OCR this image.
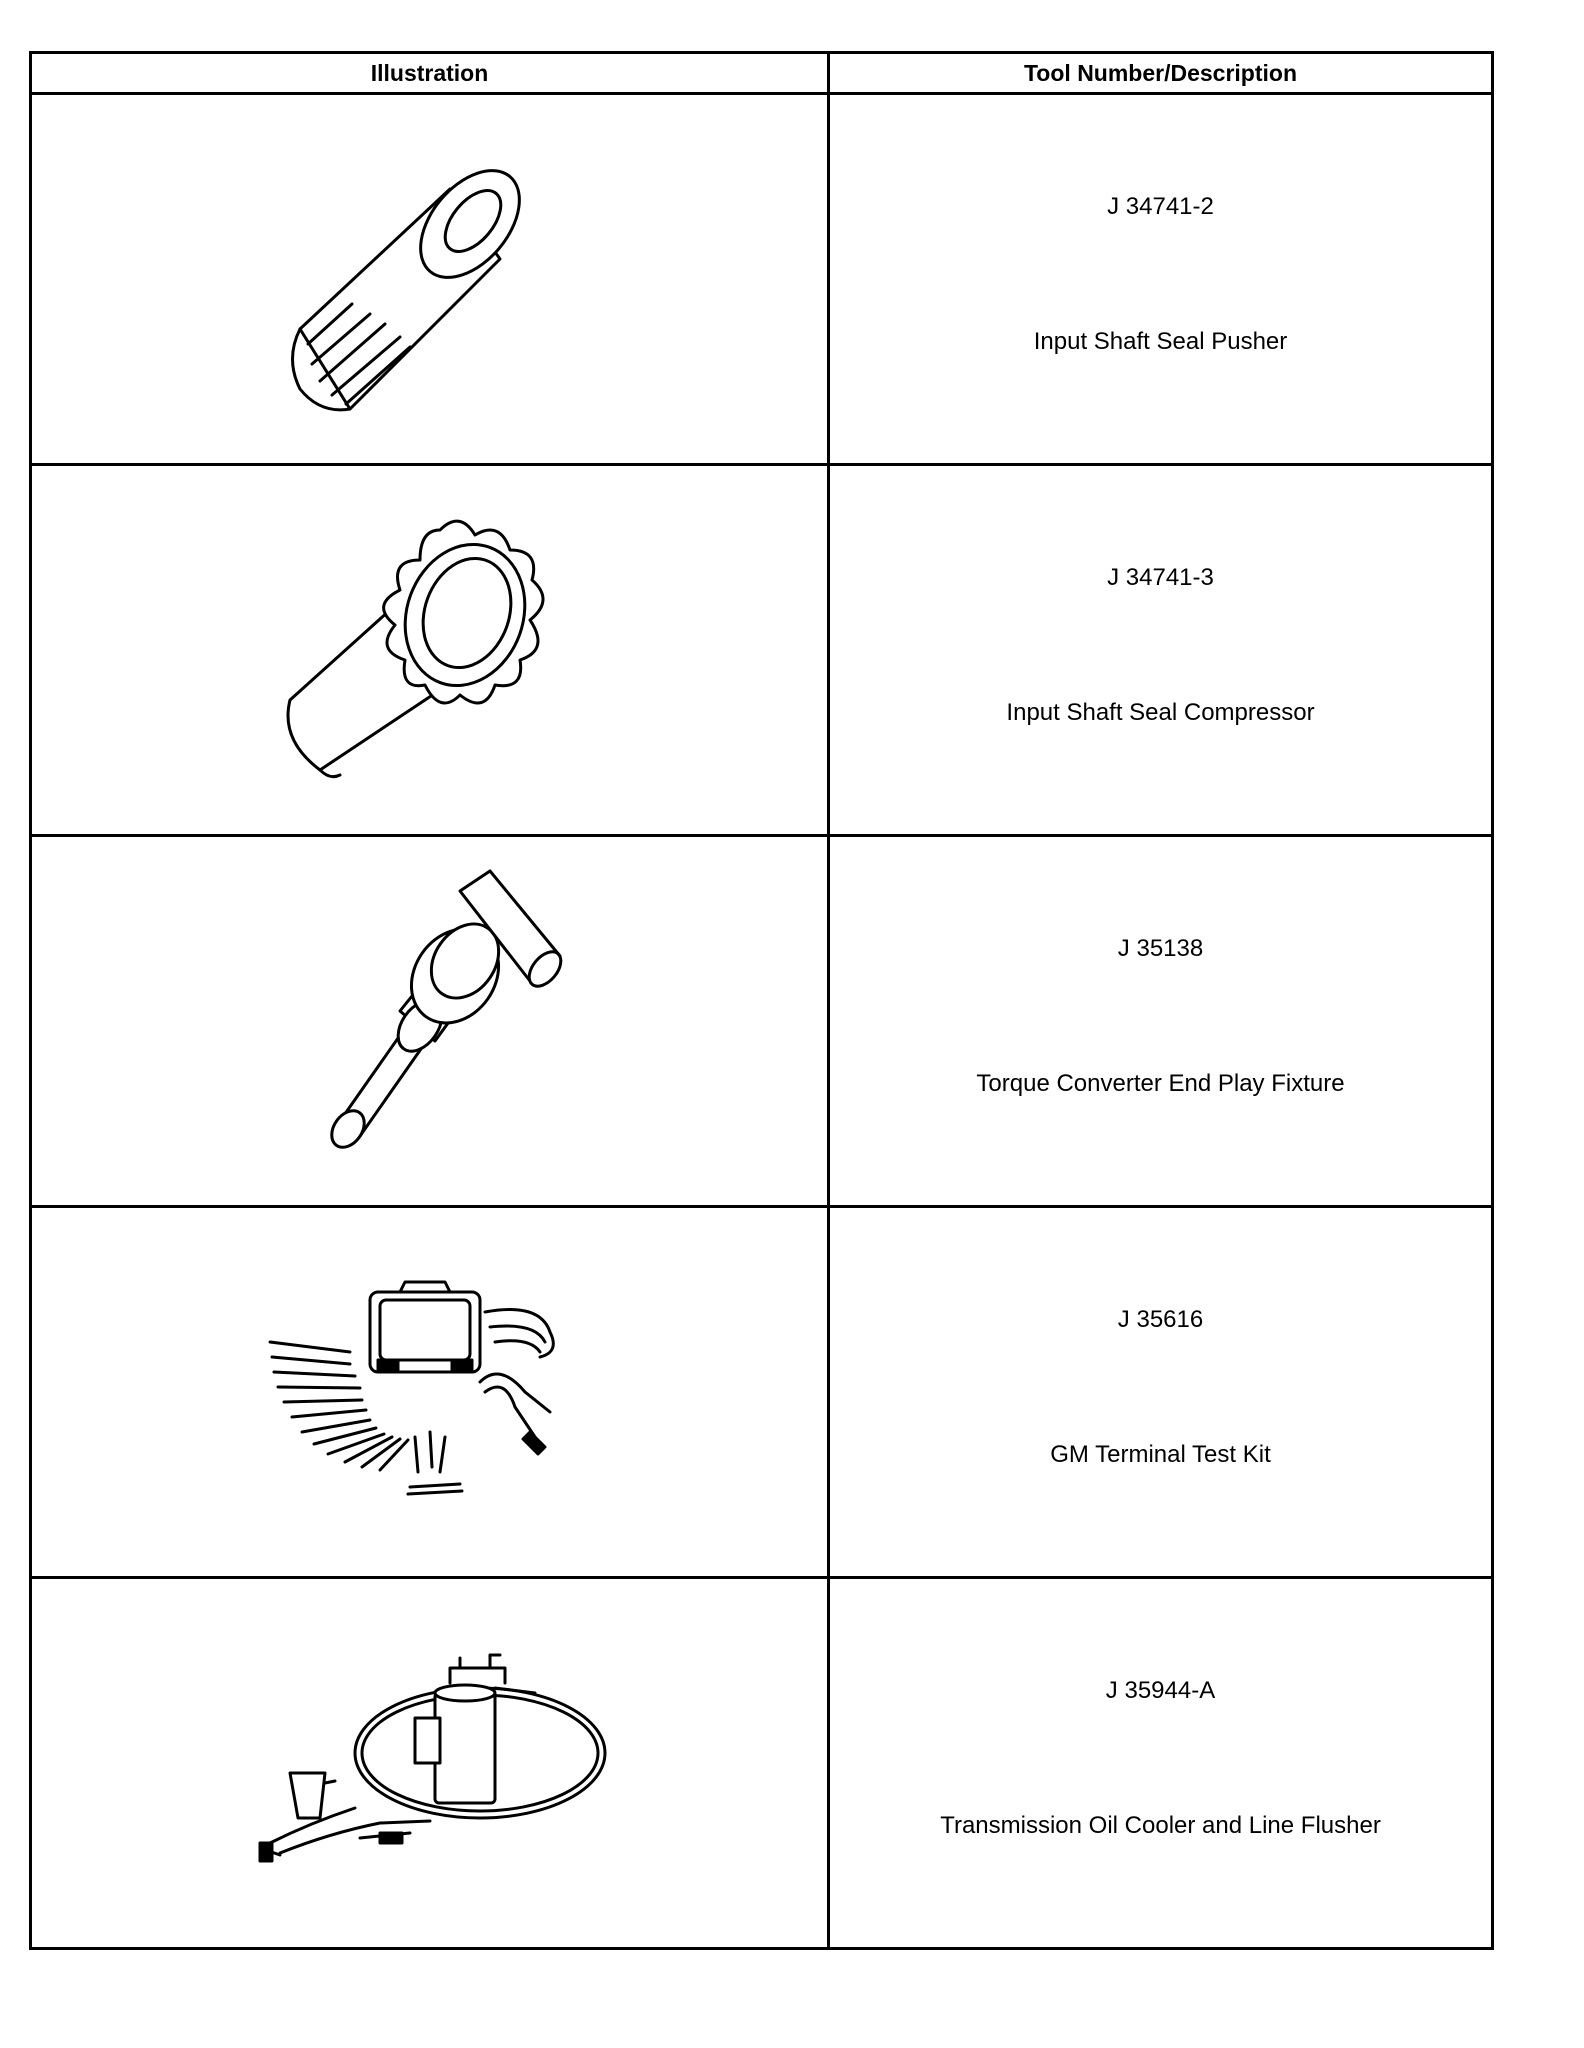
Illustration	Tool Number/Description

J 34741-2
Input Shaft Seal Pusher

J 34741-3
Input Shaft Seal Compressor

J 35138
Torque Converter End Play Fixture

J 35616
GM Terminal Test Kit

J 35944-A
Transmission Oil Cooler and Line Flusher
